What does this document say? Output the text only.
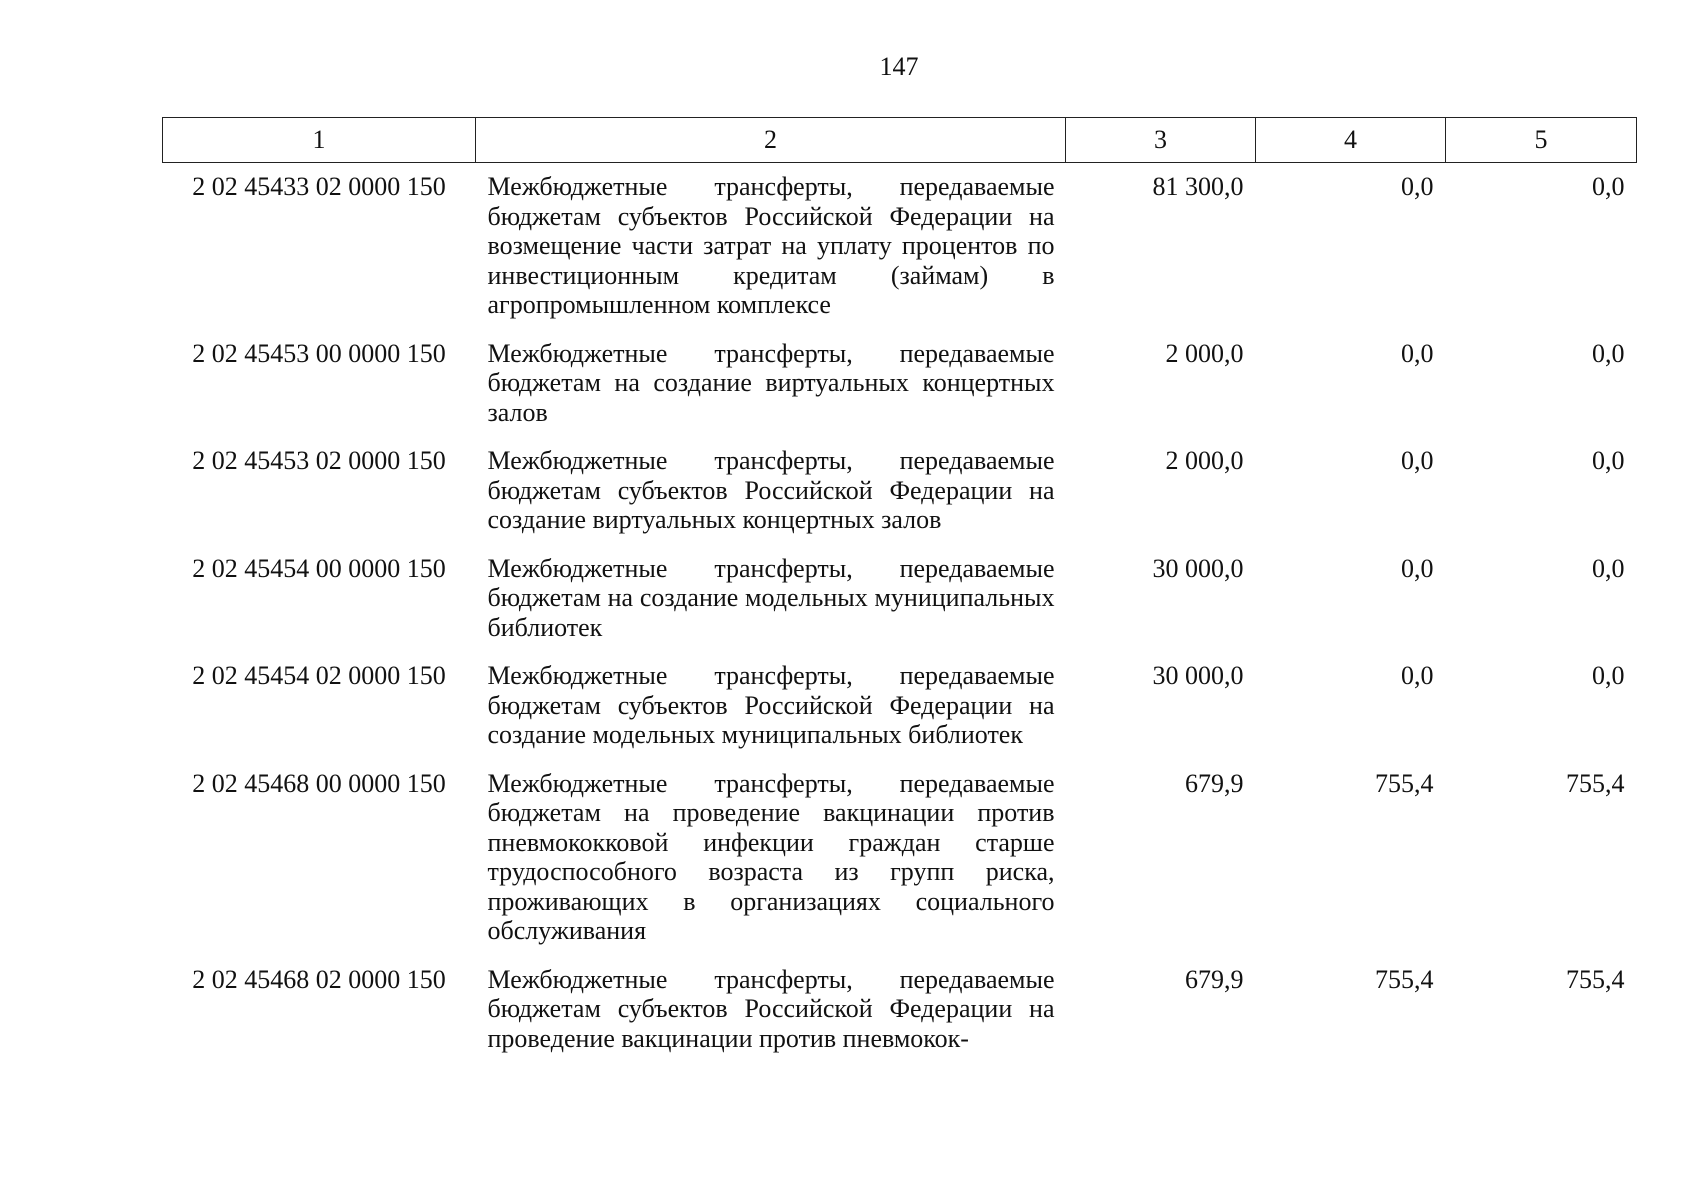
147
1	2	3	4	5
2 02 45433 02 0000 150	Межбюджетные трансферты, передаваемые бюджетам субъектов Российской Федерации на возмещение части затрат на уплату процентов по инвестиционным кредитам (займам) в агропромышленном комплексе	81 300,0	0,0	0,0
2 02 45453 00 0000 150	Межбюджетные трансферты, передаваемые бюджетам на создание виртуальных концертных залов	2 000,0	0,0	0,0
2 02 45453 02 0000 150	Межбюджетные трансферты, передаваемые бюджетам субъектов Российской Федерации на создание виртуальных концертных залов	2 000,0	0,0	0,0
2 02 45454 00 0000 150	Межбюджетные трансферты, передаваемые бюджетам на создание модельных муниципальных библиотек	30 000,0	0,0	0,0
2 02 45454 02 0000 150	Межбюджетные трансферты, передаваемые бюджетам субъектов Российской Федерации на создание модельных муниципальных библиотек	30 000,0	0,0	0,0
2 02 45468 00 0000 150	Межбюджетные трансферты, передаваемые бюджетам на проведение вакцинации против пневмококковой инфекции граждан старше трудоспособного возраста из групп риска, проживающих в организациях социального обслуживания	679,9	755,4	755,4
2 02 45468 02 0000 150	Межбюджетные трансферты, передаваемые бюджетам субъектов Российской Федерации на проведение вакцинации против пневмокок-	679,9	755,4	755,4
